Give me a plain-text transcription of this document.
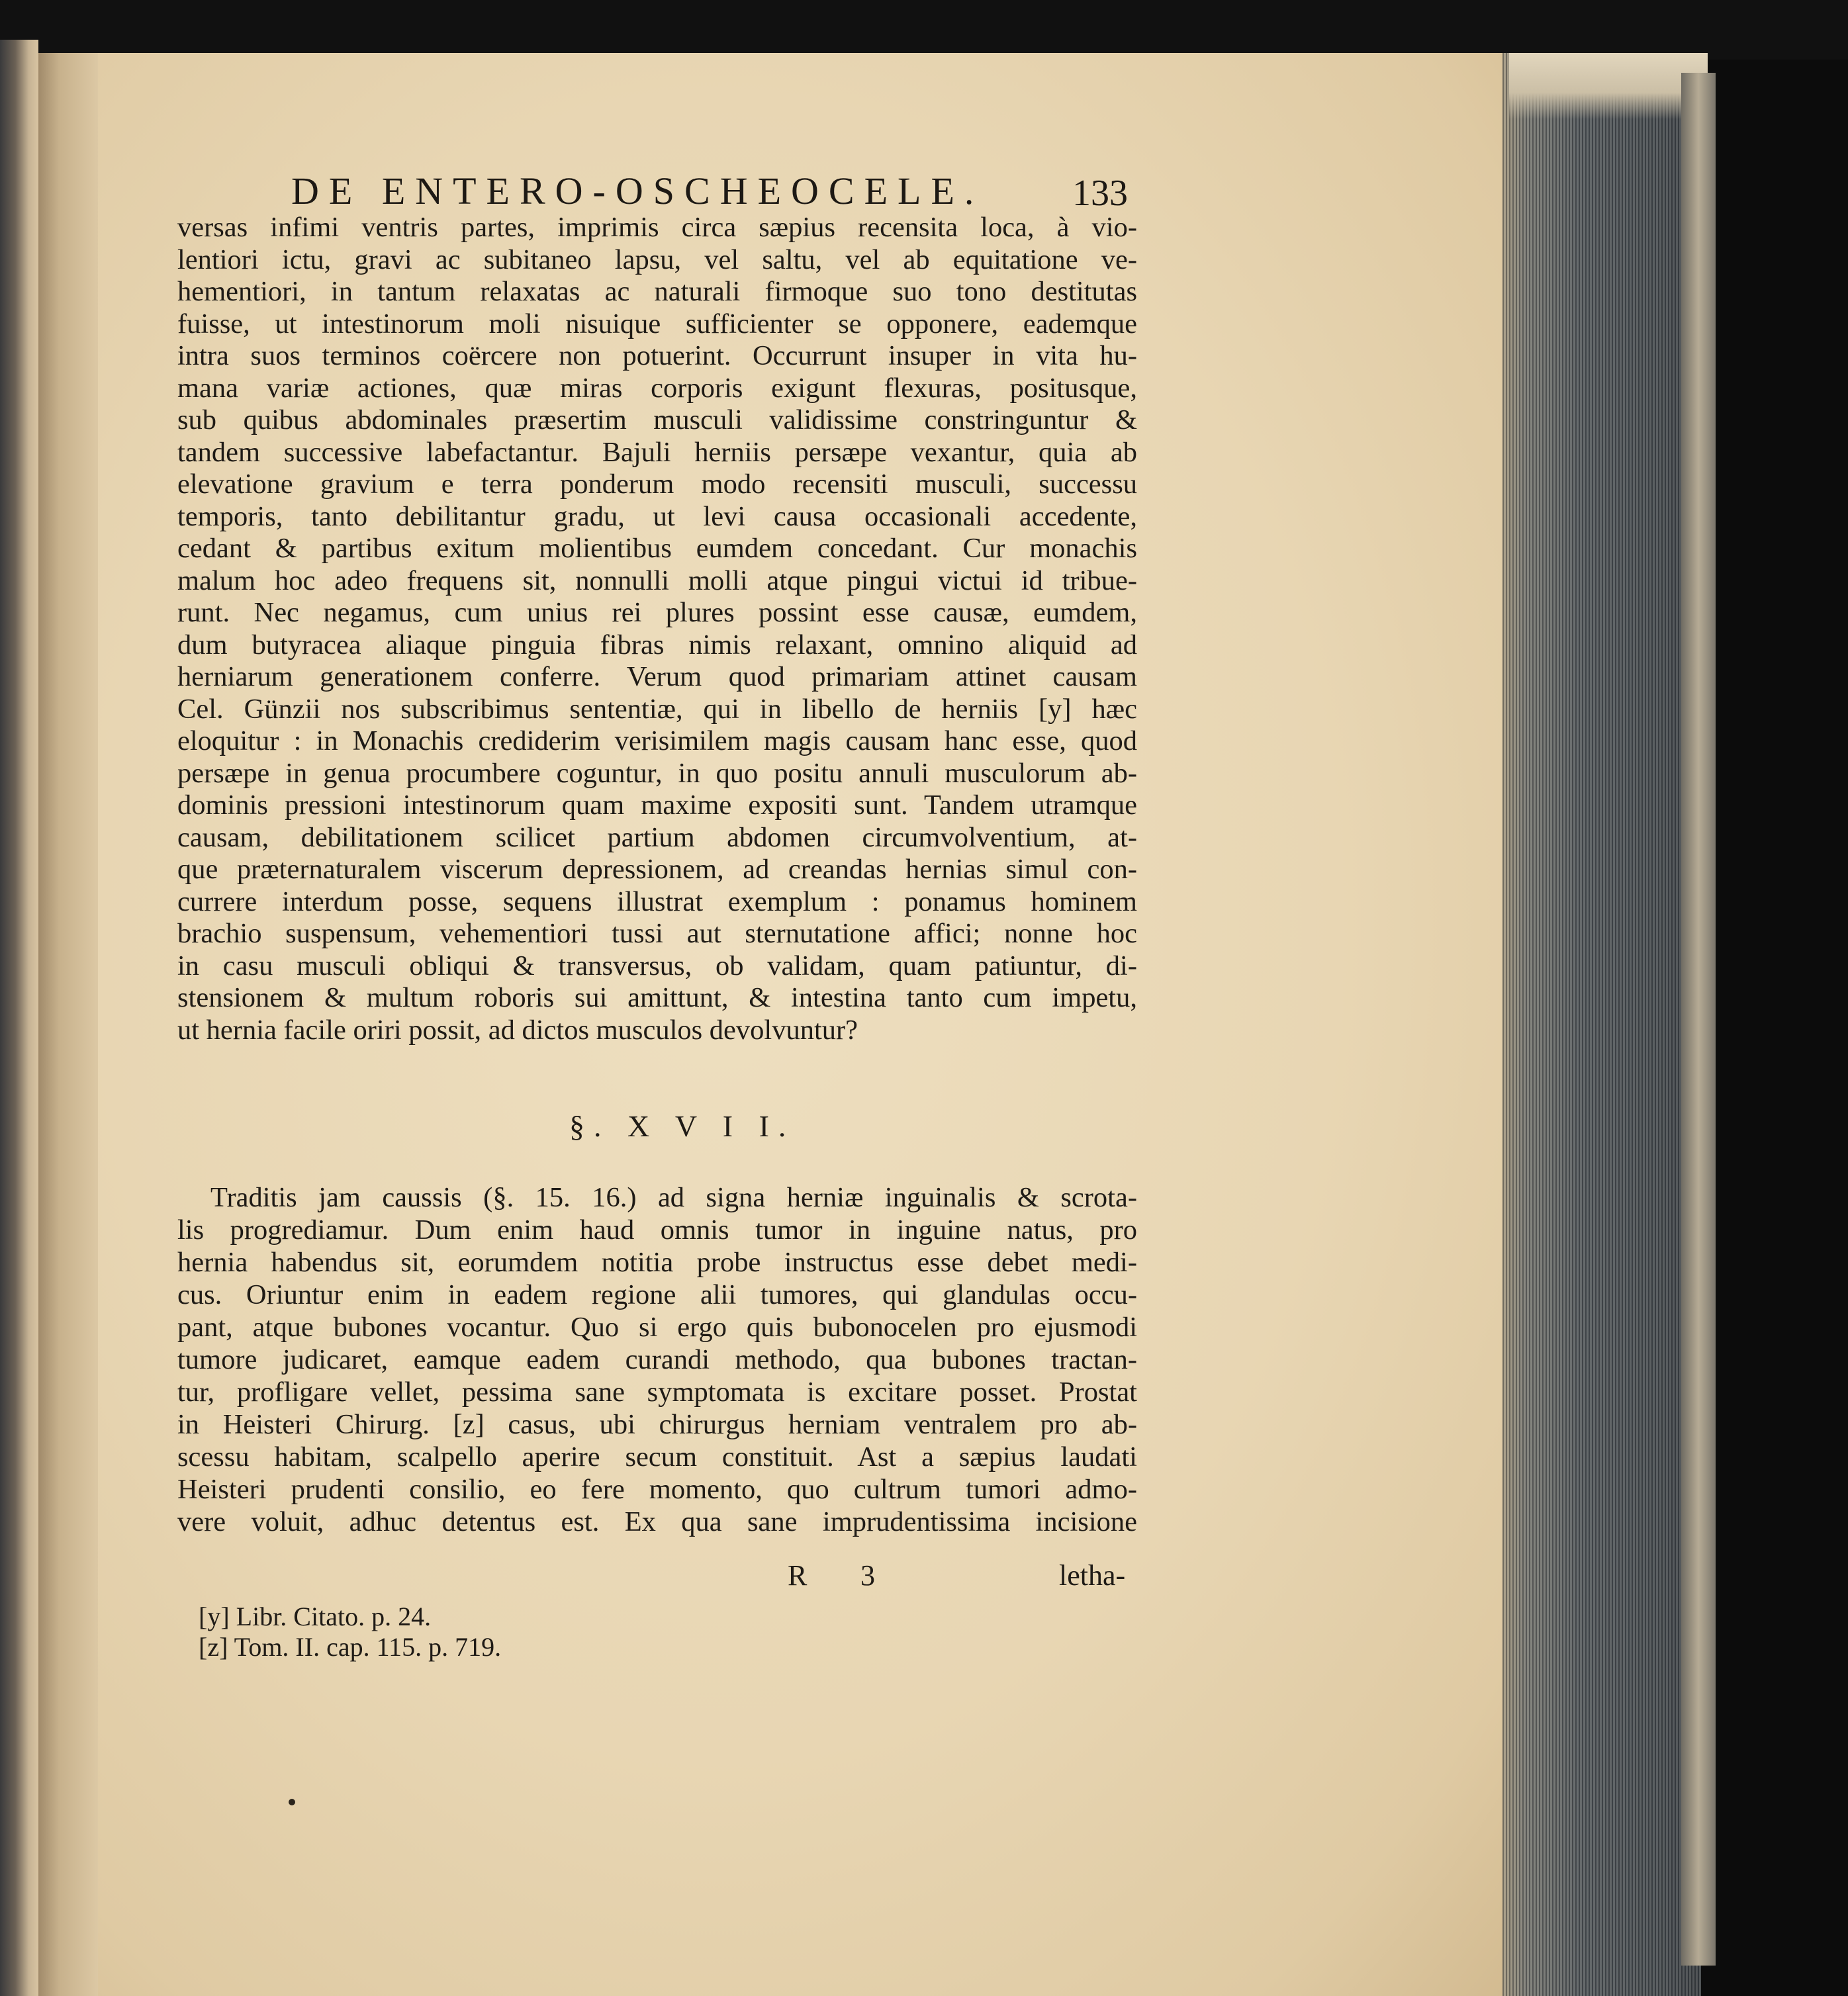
DE ENTERO-OSCHEOCELE.	133
versas infimi ventris partes, imprimis circa sæpius recensita loca, à vio-
lentiori ictu, gravi ac subitaneo lapsu, vel saltu, vel ab equitatione ve-
hementiori, in tantum relaxatas ac naturali firmoque suo tono destitutas
fuisse, ut intestinorum moli nisuique sufficienter se opponere, eademque
intra suos terminos coërcere non potuerint. Occurrunt insuper in vita hu-
mana variæ actiones, quæ miras corporis exigunt flexuras, positusque,
sub quibus abdominales præsertim musculi validissime constringuntur &
tandem successive labefactantur. Bajuli herniis persæpe vexantur, quia ab
elevatione gravium e terra ponderum modo recensiti musculi, successu
temporis, tanto debilitantur gradu, ut levi causa occasionali accedente,
cedant & partibus exitum molientibus eumdem concedant. Cur monachis
malum hoc adeo frequens sit, nonnulli molli atque pingui victui id tribue-
runt. Nec negamus, cum unius rei plures possint esse causæ, eumdem,
dum butyracea aliaque pinguia fibras nimis relaxant, omnino aliquid ad
herniarum generationem conferre. Verum quod primariam attinet causam
Cel. Günzii nos subscribimus sententiæ, qui in libello de herniis [y] hæc
eloquitur : in Monachis crediderim verisimilem magis causam hanc esse, quod
persæpe in genua procumbere coguntur, in quo positu annuli musculorum ab-
dominis pressioni intestinorum quam maxime expositi sunt. Tandem utramque
causam, debilitationem scilicet partium abdomen circumvolventium, at-
que præternaturalem viscerum depressionem, ad creandas hernias simul con-
currere interdum posse, sequens illustrat exemplum : ponamus hominem
brachio suspensum, vehementiori tussi aut sternutatione affici; nonne hoc
in casu musculi obliqui & transversus, ob validam, quam patiuntur, di-
stensionem & multum roboris sui amittunt, & intestina tanto cum impetu,
ut hernia facile oriri possit, ad dictos musculos devolvuntur?
§. X V I I.
Traditis jam caussis (§. 15. 16.) ad signa herniæ inguinalis & scrota-
lis progrediamur. Dum enim haud omnis tumor in inguine natus, pro
hernia habendus sit, eorumdem notitia probe instructus esse debet medi-
cus. Oriuntur enim in eadem regione alii tumores, qui glandulas occu-
pant, atque bubones vocantur. Quo si ergo quis bubonocelen pro ejusmodi
tumore judicaret, eamque eadem curandi methodo, qua bubones tractan-
tur, profligare vellet, pessima sane symptomata is excitare posset. Prostat
in Heisteri Chirurg. [z] casus, ubi chirurgus herniam ventralem pro ab-
scessu habitam, scalpello aperire secum constituit. Ast a sæpius laudati
Heisteri prudenti consilio, eo fere momento, quo cultrum tumori admo-
vere voluit, adhuc detentus est. Ex qua sane imprudentissima incisione
R 3	letha-
[y] Libr. Citato. p. 24.
[z] Tom. II. cap. 115. p. 719.
